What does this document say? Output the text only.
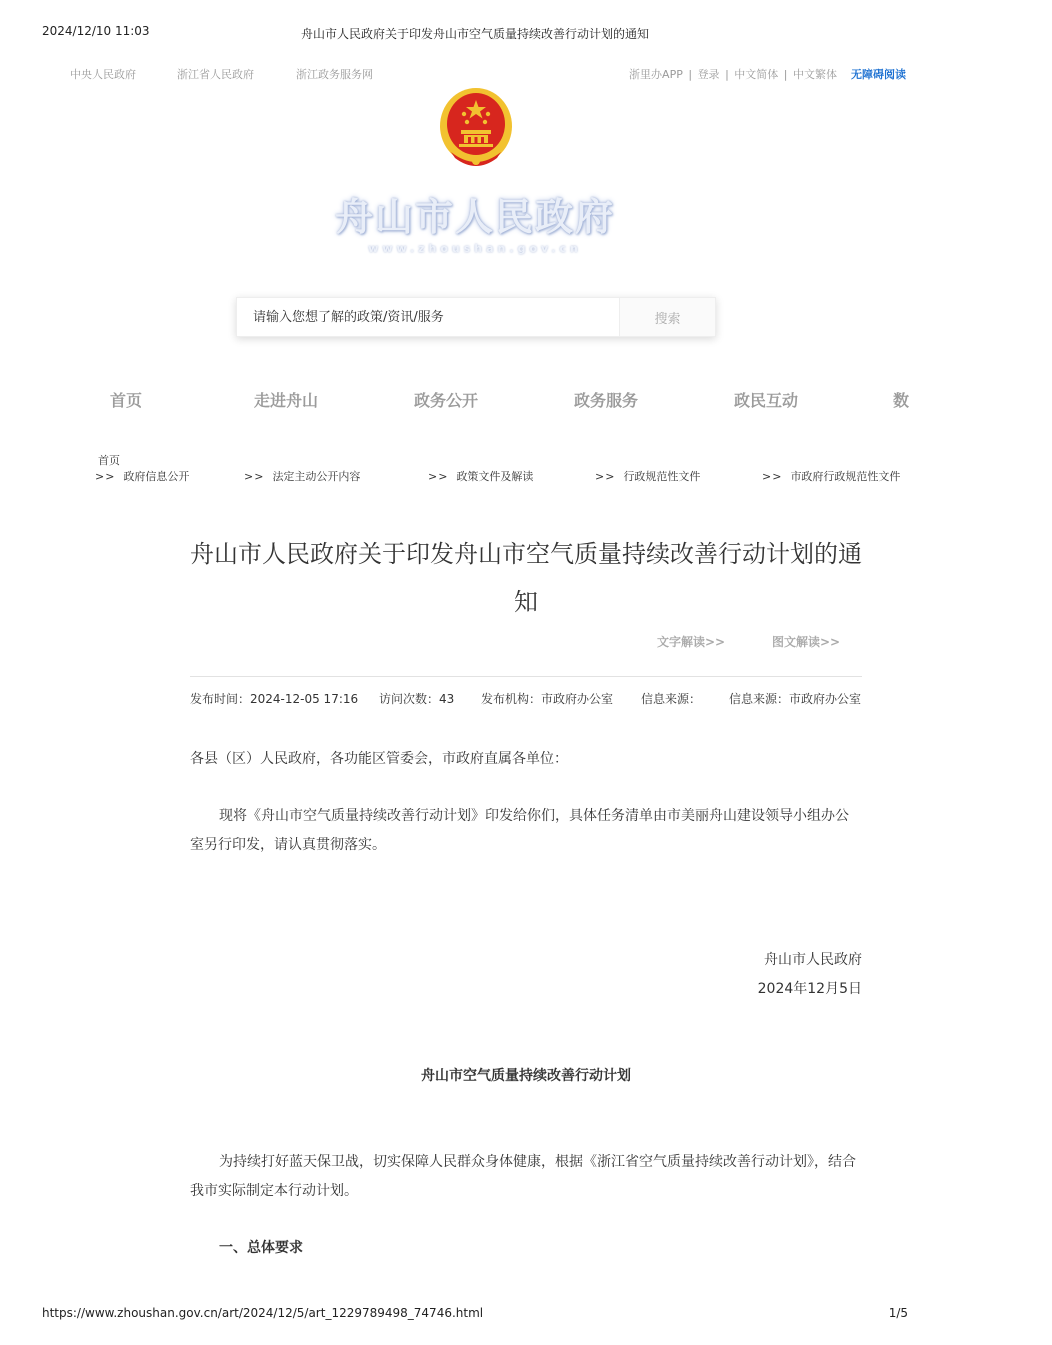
2024/12/10 11:03	舟山市人民政府关于印发舟山市空气质量持续改善行动计划的通知
中央人民政府	浙江省人民政府	浙江政务服务网	浙里办APP | 登录 | 中文简体 | 中文繁体 无障碍阅读
舟山市人民政府
www.zhoushan.gov.cn
请输入您想了解的政策/资讯/服务
搜索
首页	走进舟山	政务公开	政务服务	政民互动	数
首页
>> 政府信息公开	>> 法定主动公开内容	>> 政策文件及解读	>> 行政规范性文件	>> 市政府行政规范性文件
舟山市人民政府关于印发舟山市空气质量持续改善行动计划的通知
文字解读>>	图文解读>>
发布时间：2024-12-05 17:16 访问次数：43 发布机构：市政府办公室 信息来源： 信息来源：市政府办公室
各县（区）人民政府，各功能区管委会，市政府直属各单位：
现将《舟山市空气质量持续改善行动计划》印发给你们，具体任务清单由市美丽舟山建设领导小组办公室另行印发，请认真贯彻落实。
舟山市人民政府
2024年12月5日
舟山市空气质量持续改善行动计划
为持续打好蓝天保卫战，切实保障人民群众身体健康，根据《浙江省空气质量持续改善行动计划》，结合我市实际制定本行动计划。
一、总体要求
https://www.zhoushan.gov.cn/art/2024/12/5/art_1229789498_74746.html	1/5
